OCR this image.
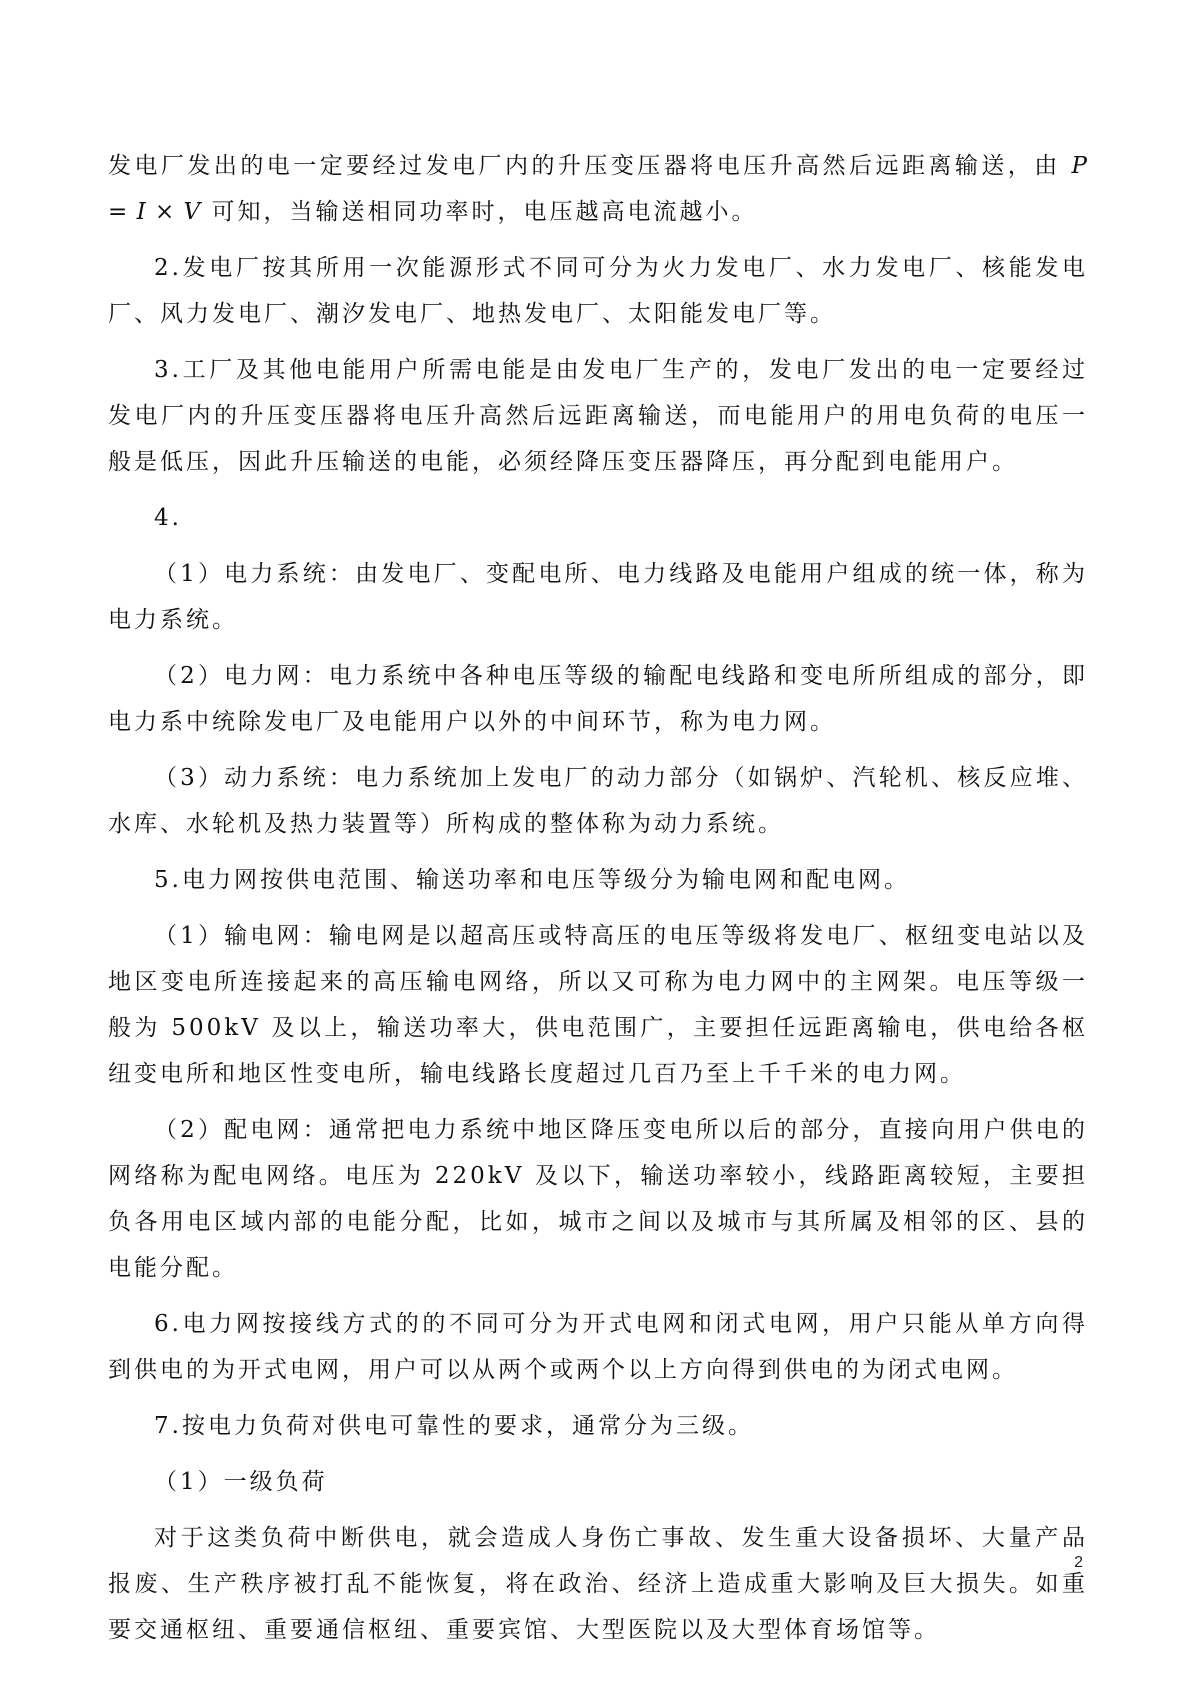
发电厂发出的电一定要经过发电厂内的升压变压器将电压升高然后远距离输送，由 P = I × V 可知，当输送相同功率时，电压越高电流越小。

2.发电厂按其所用一次能源形式不同可分为火力发电厂、水力发电厂、核能发电厂、风力发电厂、潮汐发电厂、地热发电厂、太阳能发电厂等。

3.工厂及其他电能用户所需电能是由发电厂生产的，发电厂发出的电一定要经过发电厂内的升压变压器将电压升高然后远距离输送，而电能用户的用电负荷的电压一般是低压，因此升压输送的电能，必须经降压变压器降压，再分配到电能用户。

4.

（1）电力系统：由发电厂、变配电所、电力线路及电能用户组成的统一体，称为电力系统。

（2）电力网：电力系统中各种电压等级的输配电线路和变电所所组成的部分，即电力系中统除发电厂及电能用户以外的中间环节，称为电力网。

（3）动力系统：电力系统加上发电厂的动力部分（如锅炉、汽轮机、核反应堆、水库、水轮机及热力装置等）所构成的整体称为动力系统。

5.电力网按供电范围、输送功率和电压等级分为输电网和配电网。

（1）输电网：输电网是以超高压或特高压的电压等级将发电厂、枢纽变电站以及地区变电所连接起来的高压输电网络，所以又可称为电力网中的主网架。电压等级一般为 500kV 及以上，输送功率大，供电范围广，主要担任远距离输电，供电给各枢纽变电所和地区性变电所，输电线路长度超过几百乃至上千千米的电力网。

（2）配电网：通常把电力系统中地区降压变电所以后的部分，直接向用户供电的网络称为配电网络。电压为 220kV 及以下，输送功率较小，线路距离较短，主要担负各用电区域内部的电能分配，比如，城市之间以及城市与其所属及相邻的区、县的电能分配。

6.电力网按接线方式的的不同可分为开式电网和闭式电网，用户只能从单方向得到供电的为开式电网，用户可以从两个或两个以上方向得到供电的为闭式电网。

7.按电力负荷对供电可靠性的要求，通常分为三级。

（1）一级负荷

对于这类负荷中断供电，就会造成人身伤亡事故、发生重大设备损坏、大量产品报废、生产秩序被打乱不能恢复，将在政治、经济上造成重大影响及巨大损失。如重要交通枢纽、重要通信枢纽、重要宾馆、大型医院以及大型体育场馆等。

2
